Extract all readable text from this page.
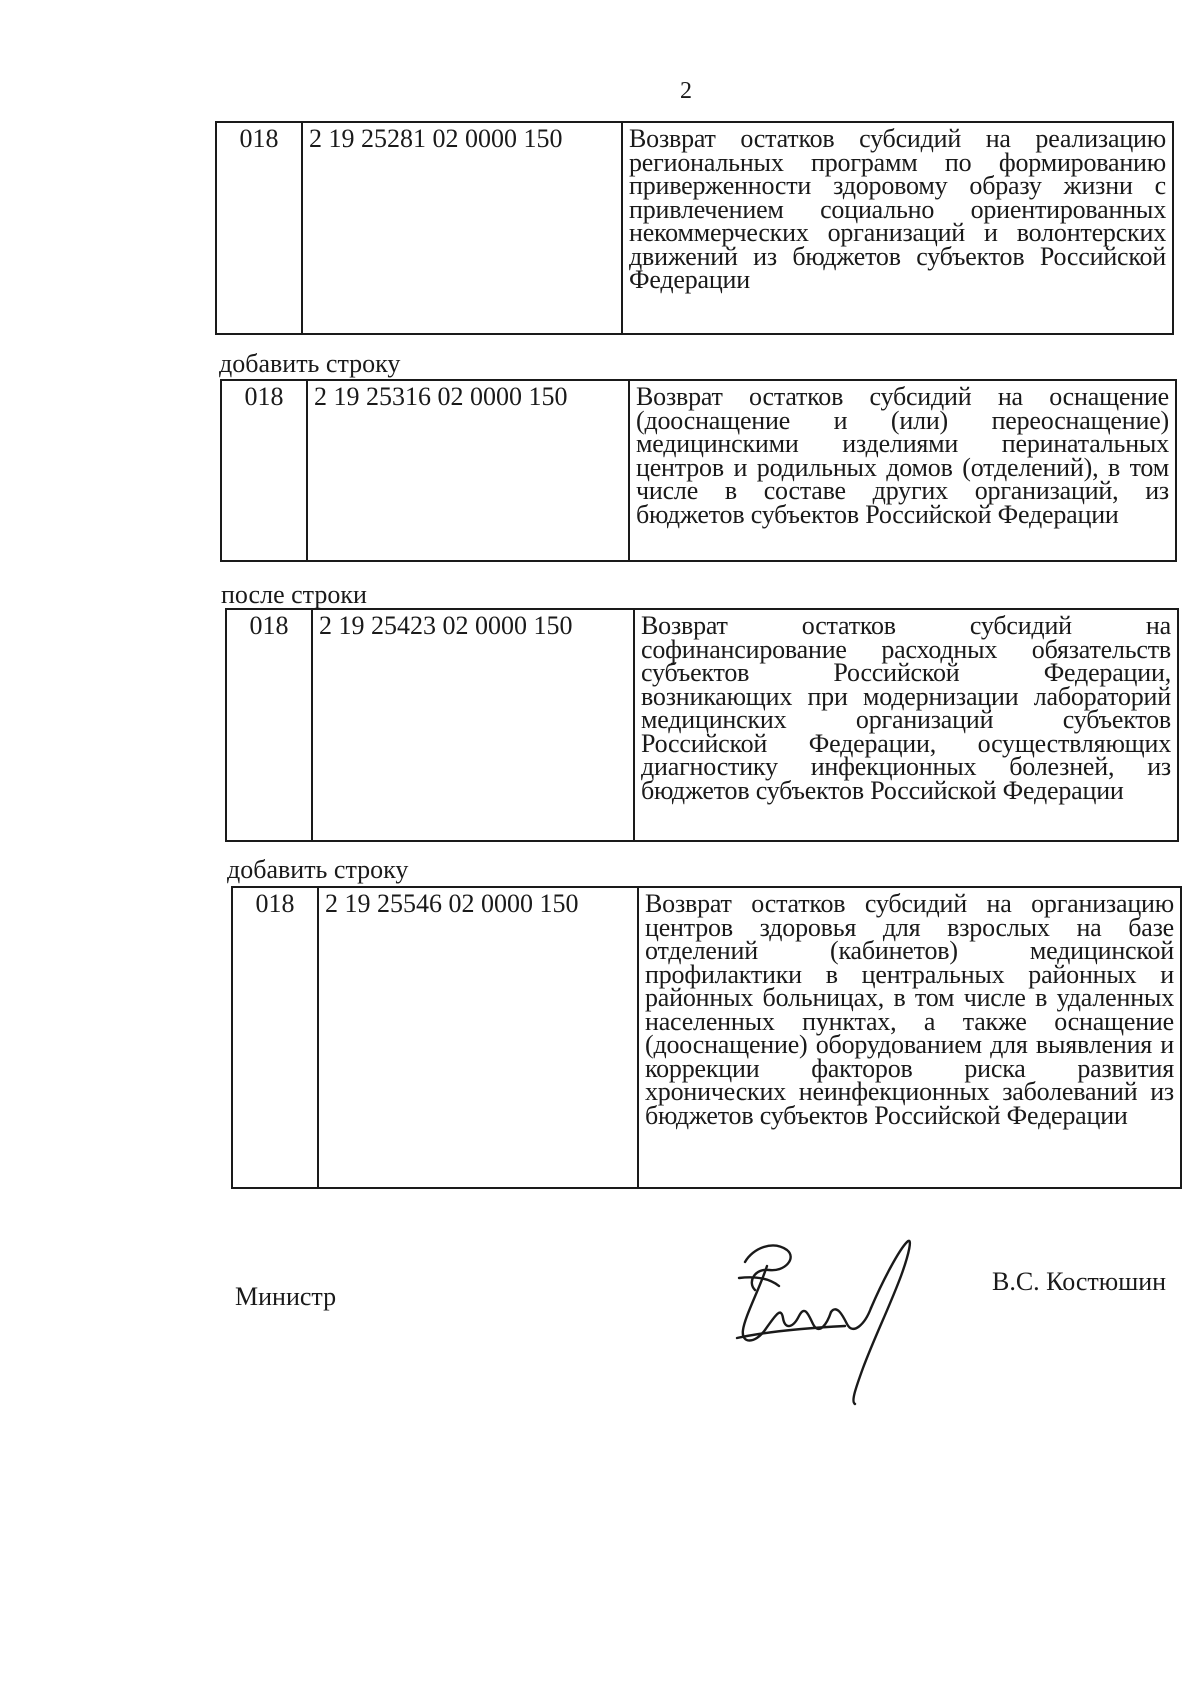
2
018	2 19 25281 02 0000 150	Возврат остатков субсидий на реализацию региональных программ по формированию приверженности здоровому образу жизни с привлечением социально ориентированных некоммерческих организаций и волонтерских движений из бюджетов субъектов Российской Федерации
добавить строку
018	2 19 25316 02 0000 150	Возврат остатков субсидий на оснащение (дооснащение и (или) переоснащение) медицинскими изделиями перинатальных центров и родильных домов (отделений), в том числе в составе других организаций, из бюджетов субъектов Российской Федерации
после строки
018	2 19 25423 02 0000 150	Возврат остатков субсидий на софинансирование расходных обязательств субъектов Российской Федерации, возникающих при модернизации лабораторий медицинских организаций субъектов Российской Федерации, осуществляющих диагностику инфекционных болезней, из бюджетов субъектов Российской Федерации
добавить строку
018	2 19 25546 02 0000 150	Возврат остатков субсидий на организацию центров здоровья для взрослых на базе отделений (кабинетов) медицинской профилактики в центральных районных и районных больницах, в том числе в удаленных населенных пунктах, а также оснащение (дооснащение) оборудованием для выявления и коррекции факторов риска развития хронических неинфекционных заболеваний из бюджетов субъектов Российской Федерации
Министр
В.С. Костюшин
